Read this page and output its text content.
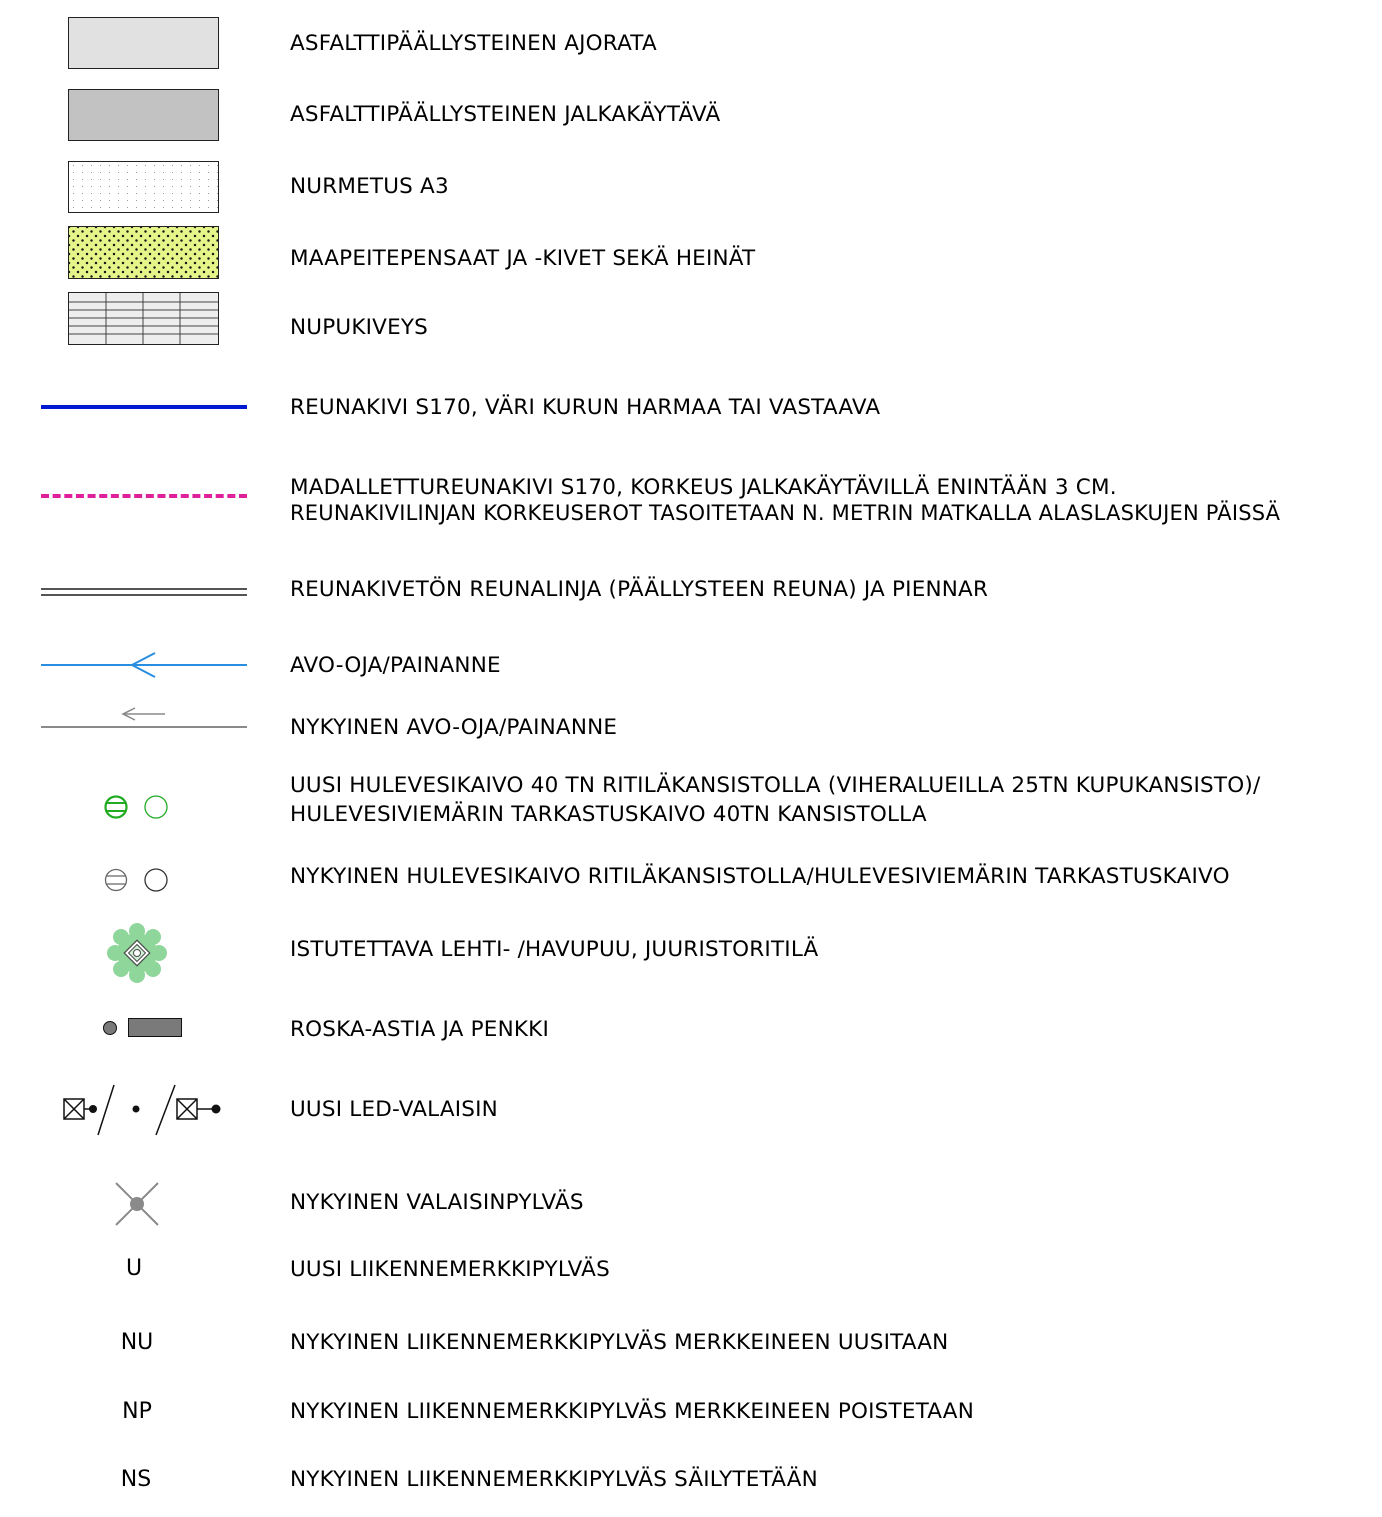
ASFALTTIPÄÄLLYSTEINEN AJORATA
ASFALTTIPÄÄLLYSTEINEN JALKAKÄYTÄVÄ
NURMETUS A3
MAAPEITEPENSAAT JA -KIVET SEKÄ HEINÄT
NUPUKIVEYS
REUNAKIVI S170, VÄRI KURUN HARMAA TAI VASTAAVA
MADALLETTUREUNAKIVI S170, KORKEUS JALKAKÄYTÄVILLÄ ENINTÄÄN 3 CM.
REUNAKIVILINJAN KORKEUSEROT TASOITETAAN N. METRIN MATKALLA ALASLASKUJEN PÄISSÄ
REUNAKIVETÖN REUNALINJA (PÄÄLLYSTEEN REUNA) JA PIENNAR
AVO-OJA/PAINANNE
NYKYINEN AVO-OJA/PAINANNE
UUSI HULEVESIKAIVO 40 TN RITILÄKANSISTOLLA (VIHERALUEILLA 25TN KUPUKANSISTO)/
HULEVESIVIEMÄRIN TARKASTUSKAIVO 40TN KANSISTOLLA
NYKYINEN HULEVESIKAIVO RITILÄKANSISTOLLA/HULEVESIVIEMÄRIN TARKASTUSKAIVO
ISTUTETTAVA LEHTI- /HAVUPUU, JUURISTORITILÄ
ROSKA-ASTIA JA PENKKI
UUSI LED-VALAISIN
NYKYINEN VALAISINPYLVÄS
U	UUSI LIIKENNEMERKKIPYLVÄS
NU	NYKYINEN LIIKENNEMERKKIPYLVÄS MERKKEINEEN UUSITAAN
NP	NYKYINEN LIIKENNEMERKKIPYLVÄS MERKKEINEEN POISTETAAN
NS	NYKYINEN LIIKENNEMERKKIPYLVÄS SÄILYTETÄÄN
